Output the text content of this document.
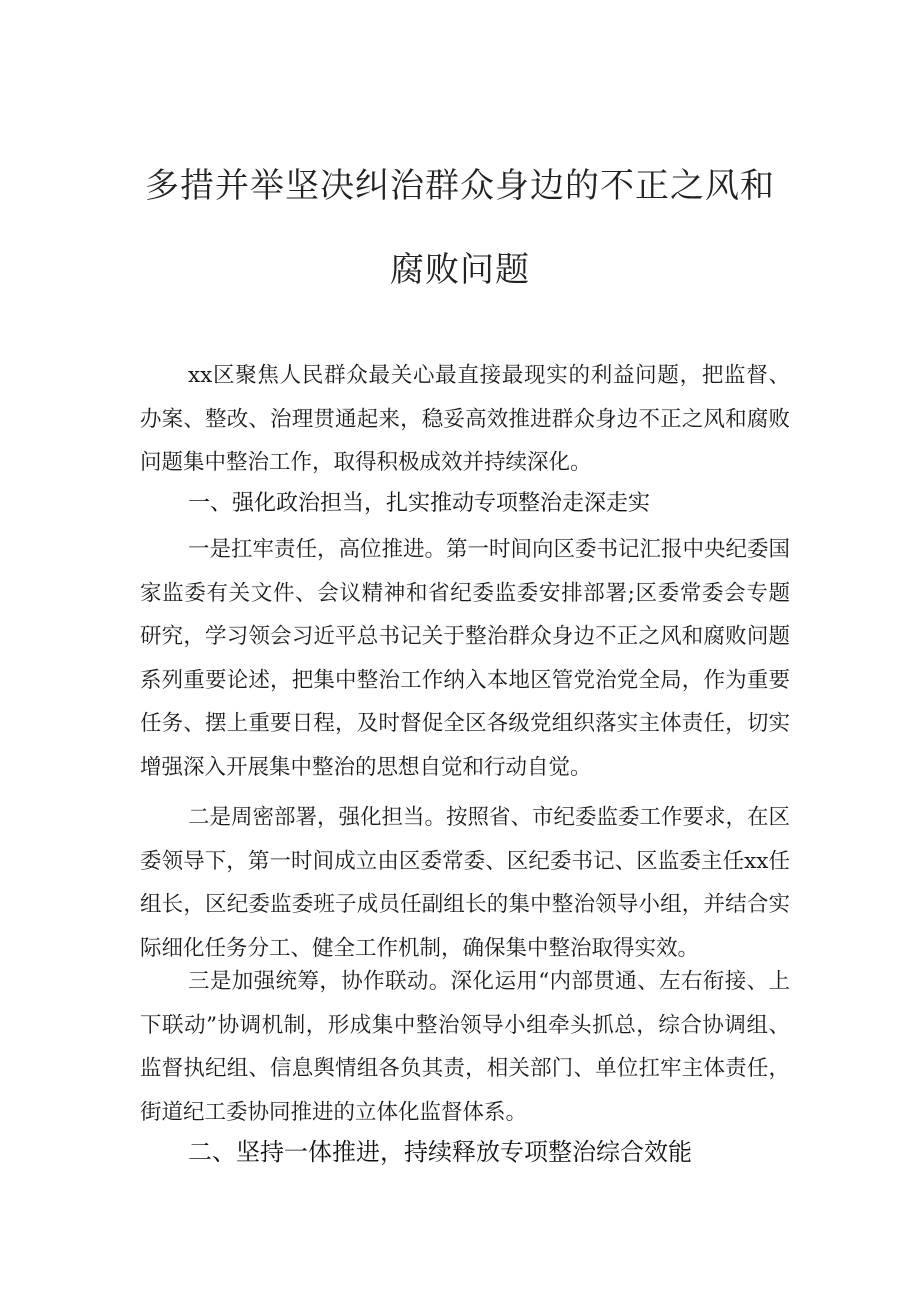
多措并举坚决纠治群众身边的不正之风和
腐败问题

xx区聚焦人民群众最关心最直接最现实的利益问题，把监督、办案、整改、治理贯通起来，稳妥高效推进群众身边不正之风和腐败问题集中整治工作，取得积极成效并持续深化。

一、强化政治担当，扎实推动专项整治走深走实

一是扛牢责任，高位推进。第一时间向区委书记汇报中央纪委国家监委有关文件、会议精神和省纪委监委安排部署;区委常委会专题研究，学习领会习近平总书记关于整治群众身边不正之风和腐败问题系列重要论述，把集中整治工作纳入本地区管党治党全局，作为重要任务、摆上重要日程，及时督促全区各级党组织落实主体责任，切实增强深入开展集中整治的思想自觉和行动自觉。

二是周密部署，强化担当。按照省、市纪委监委工作要求，在区委领导下，第一时间成立由区委常委、区纪委书记、区监委主任xx任组长，区纪委监委班子成员任副组长的集中整治领导小组，并结合实际细化任务分工、健全工作机制，确保集中整治取得实效。

三是加强统筹，协作联动。深化运用“内部贯通、左右衔接、上下联动”协调机制，形成集中整治领导小组牵头抓总，综合协调组、监督执纪组、信息舆情组各负其责，相关部门、单位扛牢主体责任，街道纪工委协同推进的立体化监督体系。

二、坚持一体推进，持续释放专项整治综合效能
